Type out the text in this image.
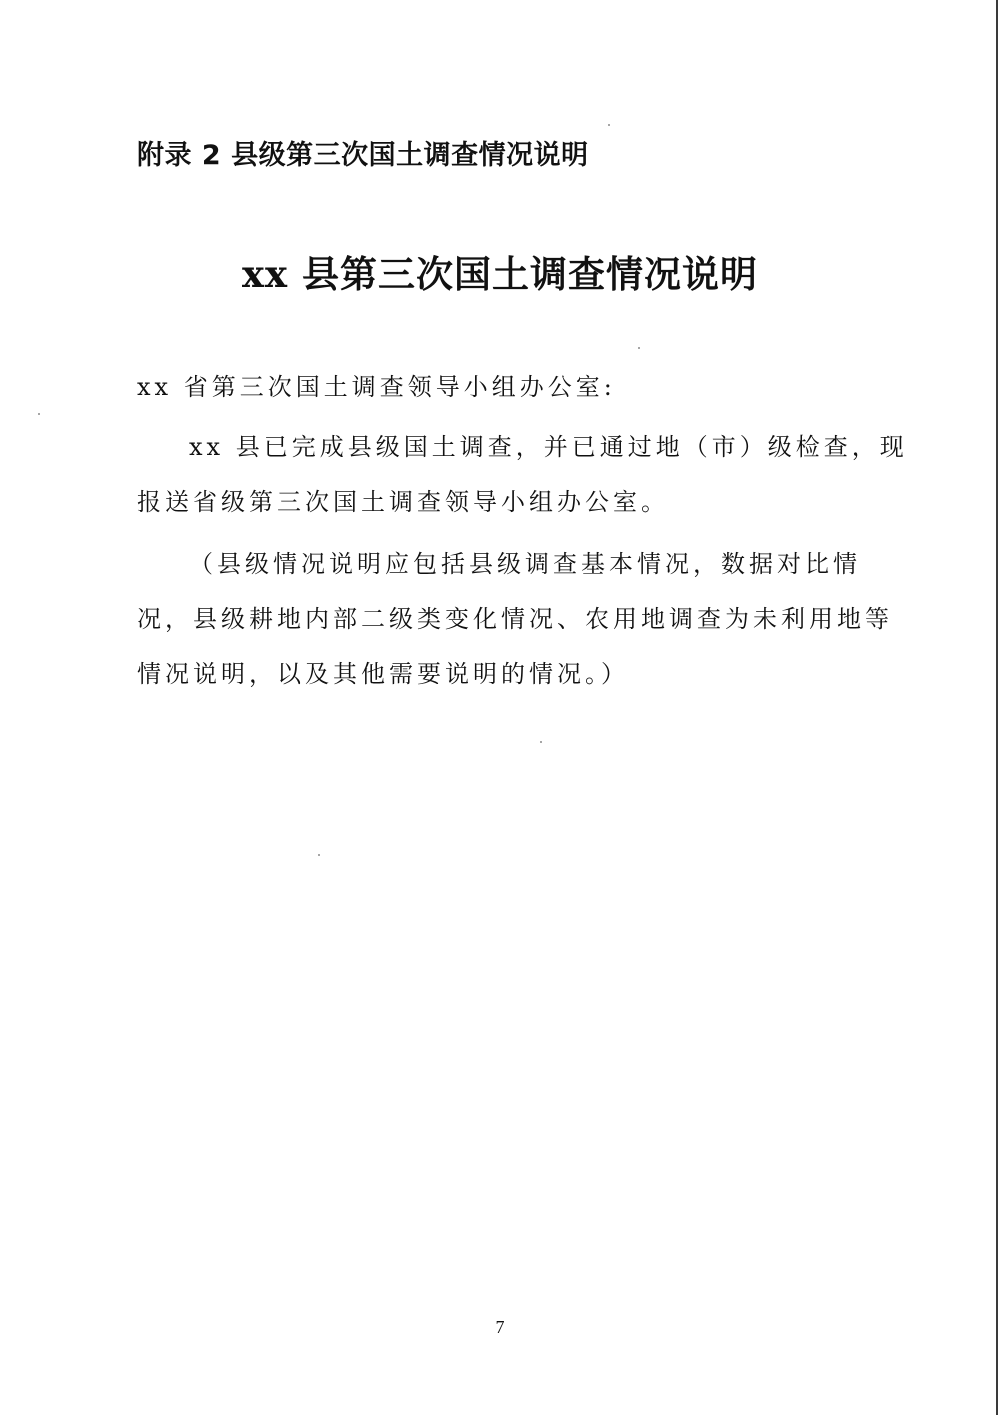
附录 2 县级第三次国土调查情况说明
xx 县第三次国土调查情况说明

xx 省第三次国土调查领导小组办公室:

xx 县已完成县级国土调查，并已通过地（市）级检查，现
报送省级第三次国土调查领导小组办公室。

（县级情况说明应包括县级调查基本情况，数据对比情
况，县级耕地内部二级类变化情况、农用地调查为未利用地等
情况说明，以及其他需要说明的情况。）

7
